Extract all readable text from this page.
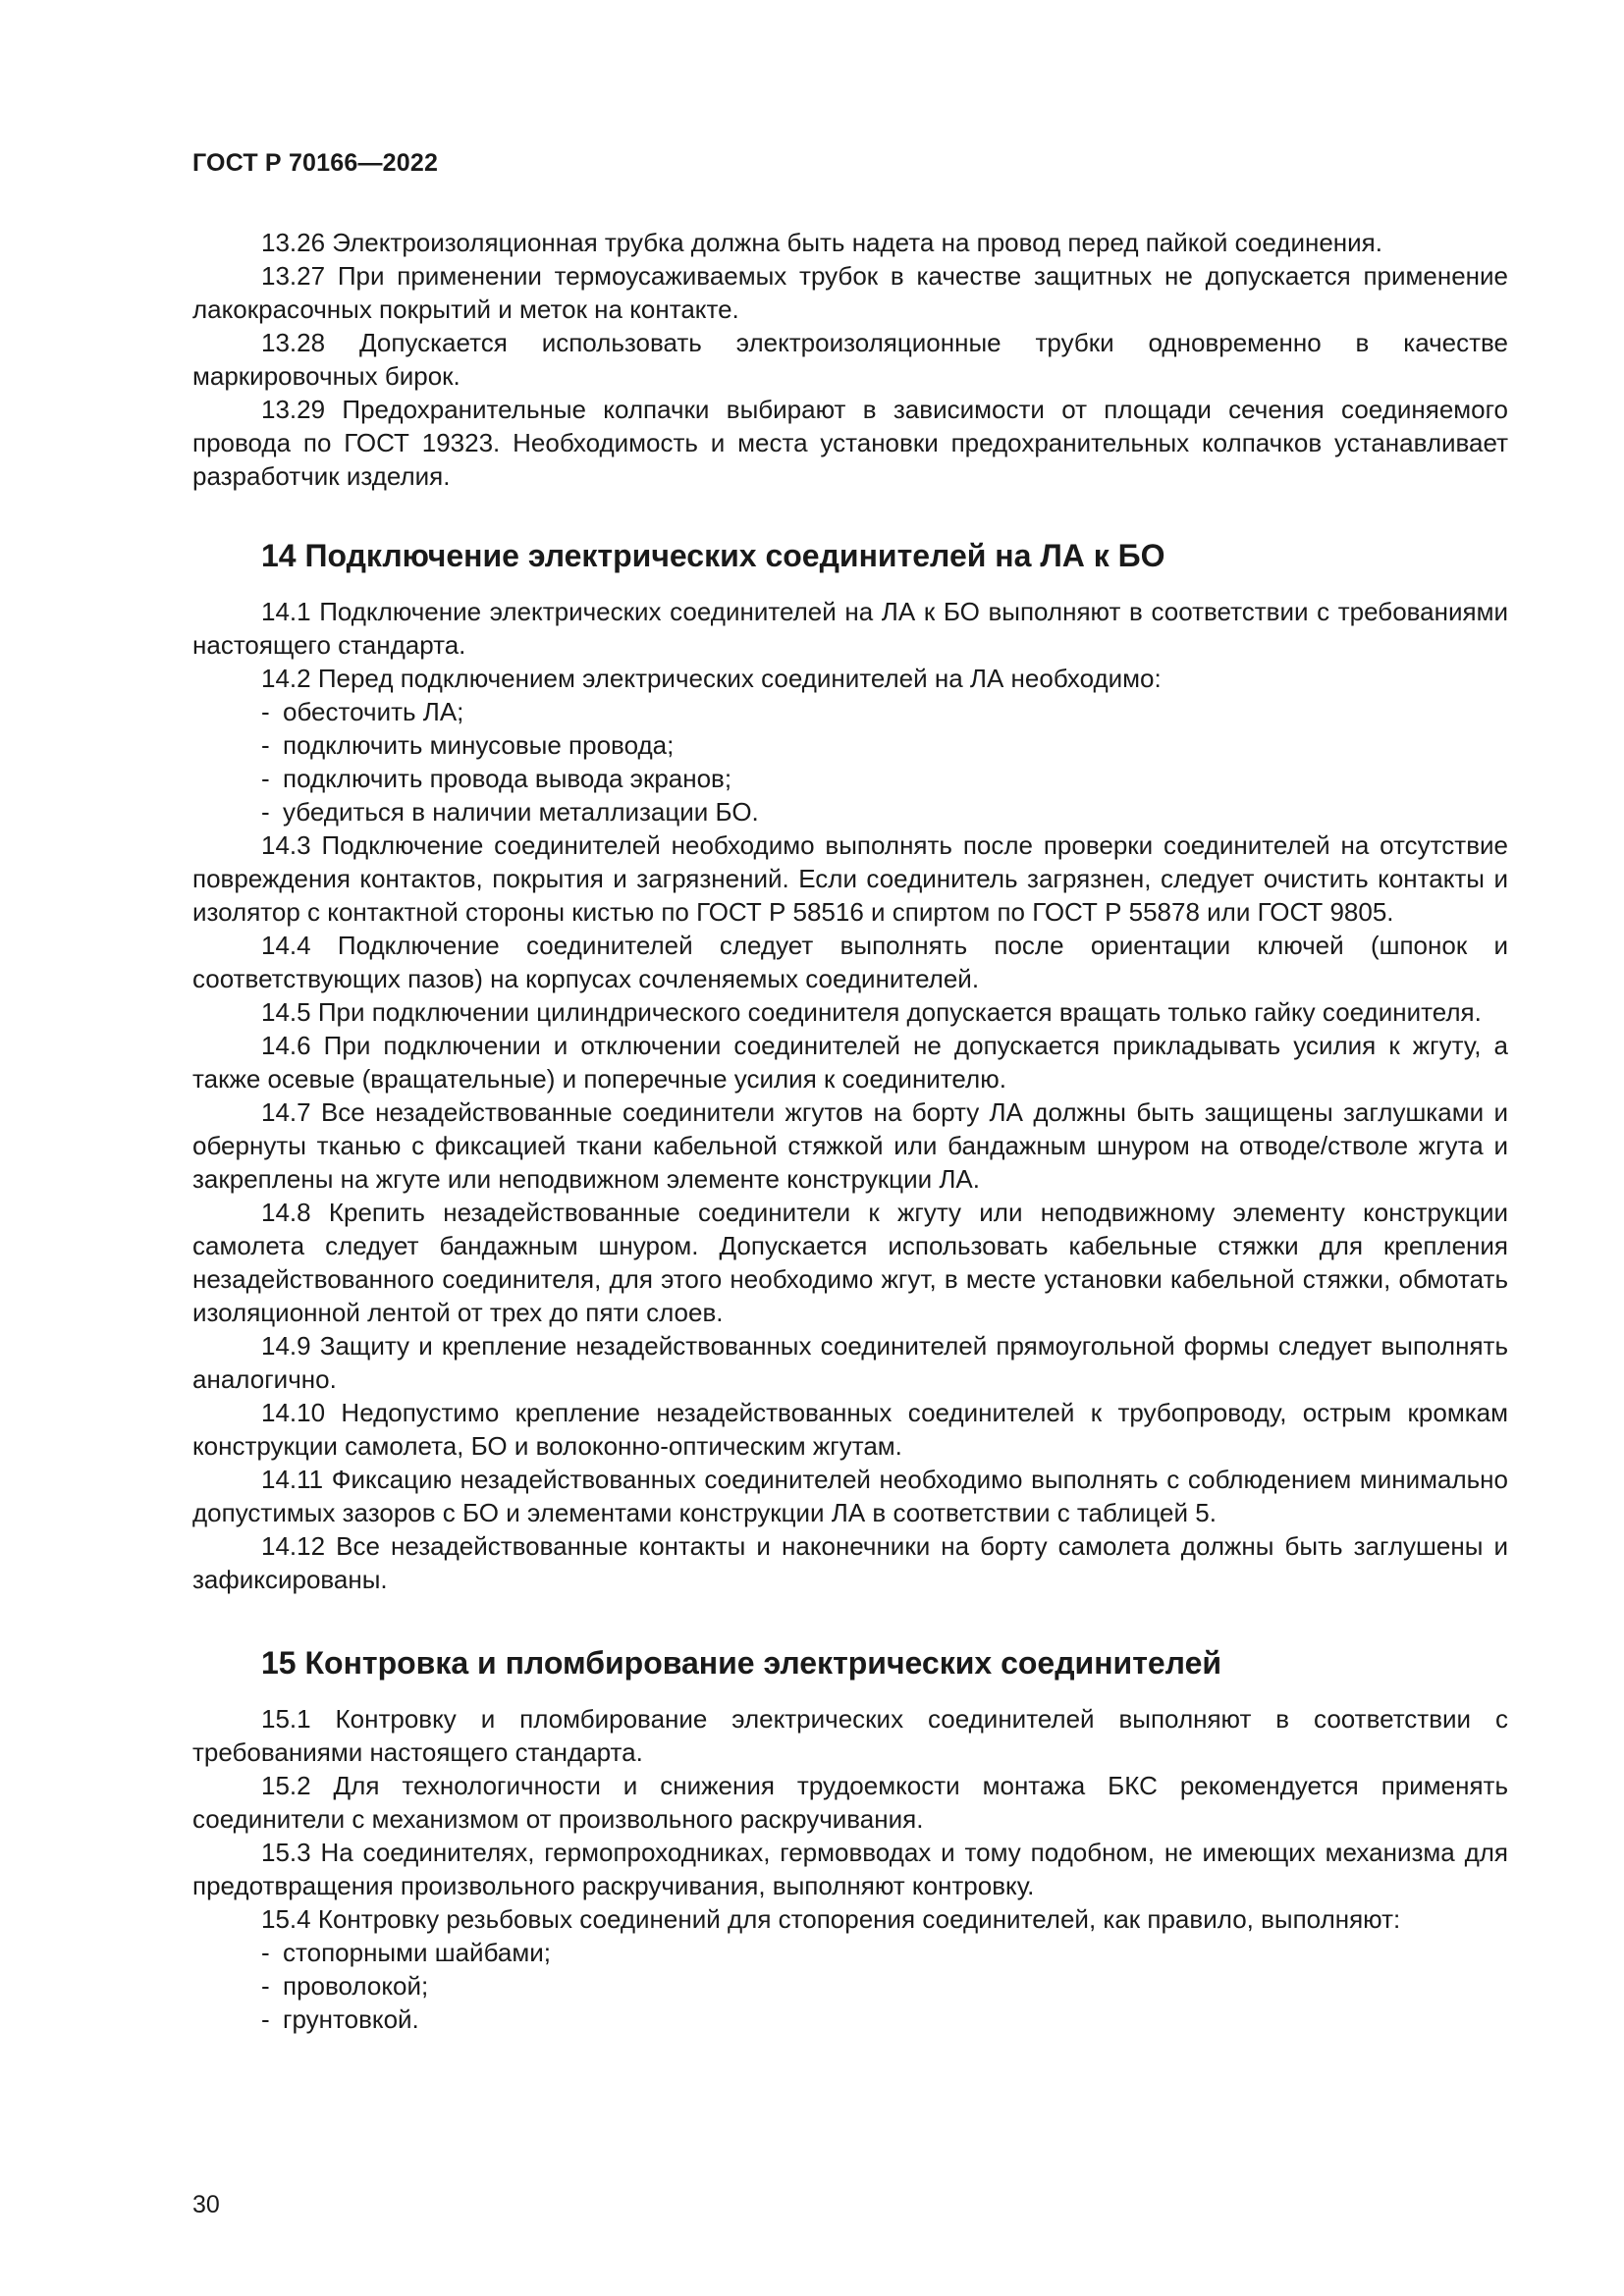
ГОСТ Р 70166—2022

13.26 Электроизоляционная трубка должна быть надета на провод перед пайкой соединения.

13.27 При применении термоусаживаемых трубок в качестве защитных не допускается применение лакокрасочных покрытий и меток на контакте.

13.28 Допускается использовать электроизоляционные трубки одновременно в качестве маркировочных бирок.

13.29 Предохранительные колпачки выбирают в зависимости от площади сечения соединяемого провода по ГОСТ 19323. Необходимость и места установки предохранительных колпачков устанавливает разработчик изделия.

14 Подключение электрических соединителей на ЛА к БО

14.1 Подключение электрических соединителей на ЛА к БО выполняют в соответствии с требованиями настоящего стандарта.

14.2 Перед подключением электрических соединителей на ЛА необходимо:

- обесточить ЛА;
- подключить минусовые провода;
- подключить провода вывода экранов;
- убедиться в наличии металлизации БО.

14.3 Подключение соединителей необходимо выполнять после проверки соединителей на отсутствие повреждения контактов, покрытия и загрязнений. Если соединитель загрязнен, следует очистить контакты и изолятор с контактной стороны кистью по ГОСТ Р 58516 и спиртом по ГОСТ Р 55878 или ГОСТ 9805.

14.4 Подключение соединителей следует выполнять после ориентации ключей (шпонок и соответствующих пазов) на корпусах сочленяемых соединителей.

14.5 При подключении цилиндрического соединителя допускается вращать только гайку соединителя.

14.6 При подключении и отключении соединителей не допускается прикладывать усилия к жгуту, а также осевые (вращательные) и поперечные усилия к соединителю.

14.7 Все незадействованные соединители жгутов на борту ЛА должны быть защищены заглушками и обернуты тканью с фиксацией ткани кабельной стяжкой или бандажным шнуром на отводе/стволе жгута и закреплены на жгуте или неподвижном элементе конструкции ЛА.

14.8 Крепить незадействованные соединители к жгуту или неподвижному элементу конструкции самолета следует бандажным шнуром. Допускается использовать кабельные стяжки для крепления незадействованного соединителя, для этого необходимо жгут, в месте установки кабельной стяжки, обмотать изоляционной лентой от трех до пяти слоев.

14.9 Защиту и крепление незадействованных соединителей прямоугольной формы следует выполнять аналогично.

14.10 Недопустимо крепление незадействованных соединителей к трубопроводу, острым кромкам конструкции самолета, БО и волоконно-оптическим жгутам.

14.11 Фиксацию незадействованных соединителей необходимо выполнять с соблюдением минимально допустимых зазоров с БО и элементами конструкции ЛА в соответствии с таблицей 5.

14.12 Все незадействованные контакты и наконечники на борту самолета должны быть заглушены и зафиксированы.

15 Контровка и пломбирование электрических соединителей

15.1 Контровку и пломбирование электрических соединителей выполняют в соответствии с требованиями настоящего стандарта.

15.2 Для технологичности и снижения трудоемкости монтажа БКС рекомендуется применять соединители с механизмом от произвольного раскручивания.

15.3 На соединителях, гермопроходниках, гермовводах и тому подобном, не имеющих механизма для предотвращения произвольного раскручивания, выполняют контровку.

15.4 Контровку резьбовых соединений для стопорения соединителей, как правило, выполняют:

- стопорными шайбами;
- проволокой;
- грунтовкой.
30
